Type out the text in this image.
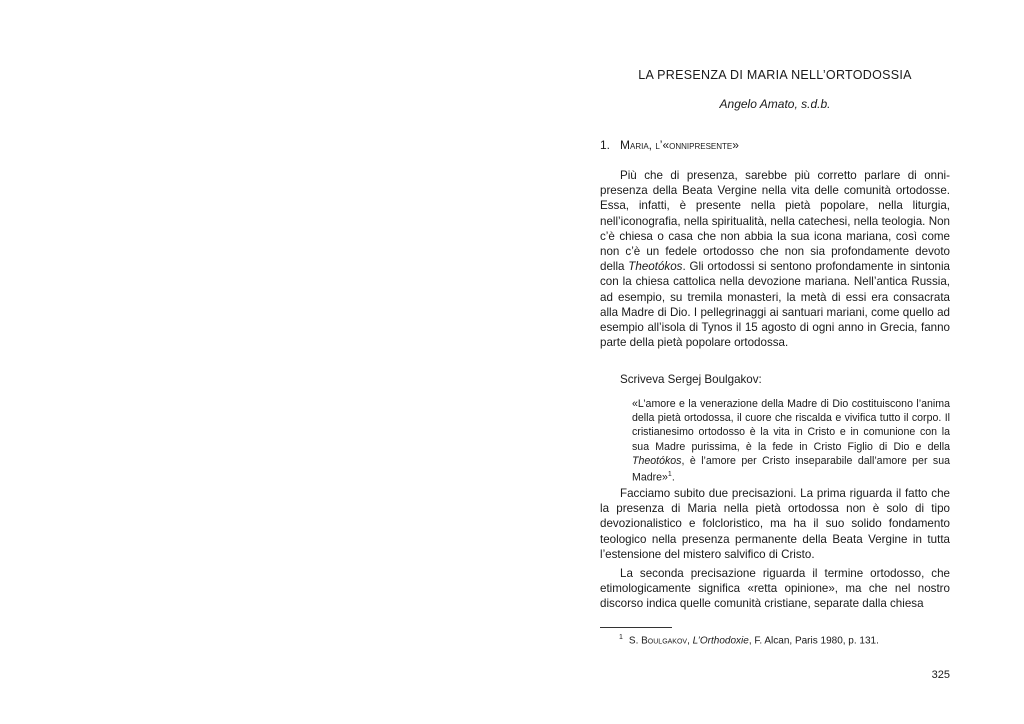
LA PRESENZA DI MARIA NELL’ORTODOSSIA
Angelo Amato, s.d.b.
1. Maria, l’«onnipresente»
Più che di presenza, sarebbe più corretto parlare di onnipresenza della Beata Vergine nella vita delle comunità ortodosse. Essa, infatti, è presente nella pietà popolare, nella liturgia, nell’iconografia, nella spiritualità, nella catechesi, nella teologia. Non c’è chiesa o casa che non abbia la sua icona mariana, così come non c’è un fedele ortodosso che non sia profondamente devoto della Theotókos. Gli ortodossi si sentono profondamente in sintonia con la chiesa cattolica nella devozione mariana. Nell’antica Russia, ad esempio, su tremila monasteri, la metà di essi era consacrata alla Madre di Dio. I pellegrinaggi ai santuari mariani, come quello ad esempio all’isola di Tynos il 15 agosto di ogni anno in Grecia, fanno parte della pietà popolare ortodossa.
Scriveva Sergej Boulgakov:
«L’amore e la venerazione della Madre di Dio costituiscono l’anima della pietà ortodossa, il cuore che riscalda e vivifica tutto il corpo. Il cristianesimo ortodosso è la vita in Cristo e in comunione con la sua Madre purissima, è la fede in Cristo Figlio di Dio e della Theotókos, è l’amore per Cristo inseparabile dall’amore per sua Madre»$^1$.
Facciamo subito due precisazioni. La prima riguarda il fatto che la presenza di Maria nella pietà ortodossa non è solo di tipo devozionalistico e folcloristico, ma ha il suo solido fondamento teologico nella presenza permanente della Beata Vergine in tutta l’estensione del mistero salvifico di Cristo.
La seconda precisazione riguarda il termine ortodosso, che etimologicamente significa «retta opinione», ma che nel nostro discorso indica quelle comunità cristiane, separate dalla chiesa
$^1$ S. Boulgakov, L’Orthodoxie, F. Alcan, Paris 1980, p. 131.
325
